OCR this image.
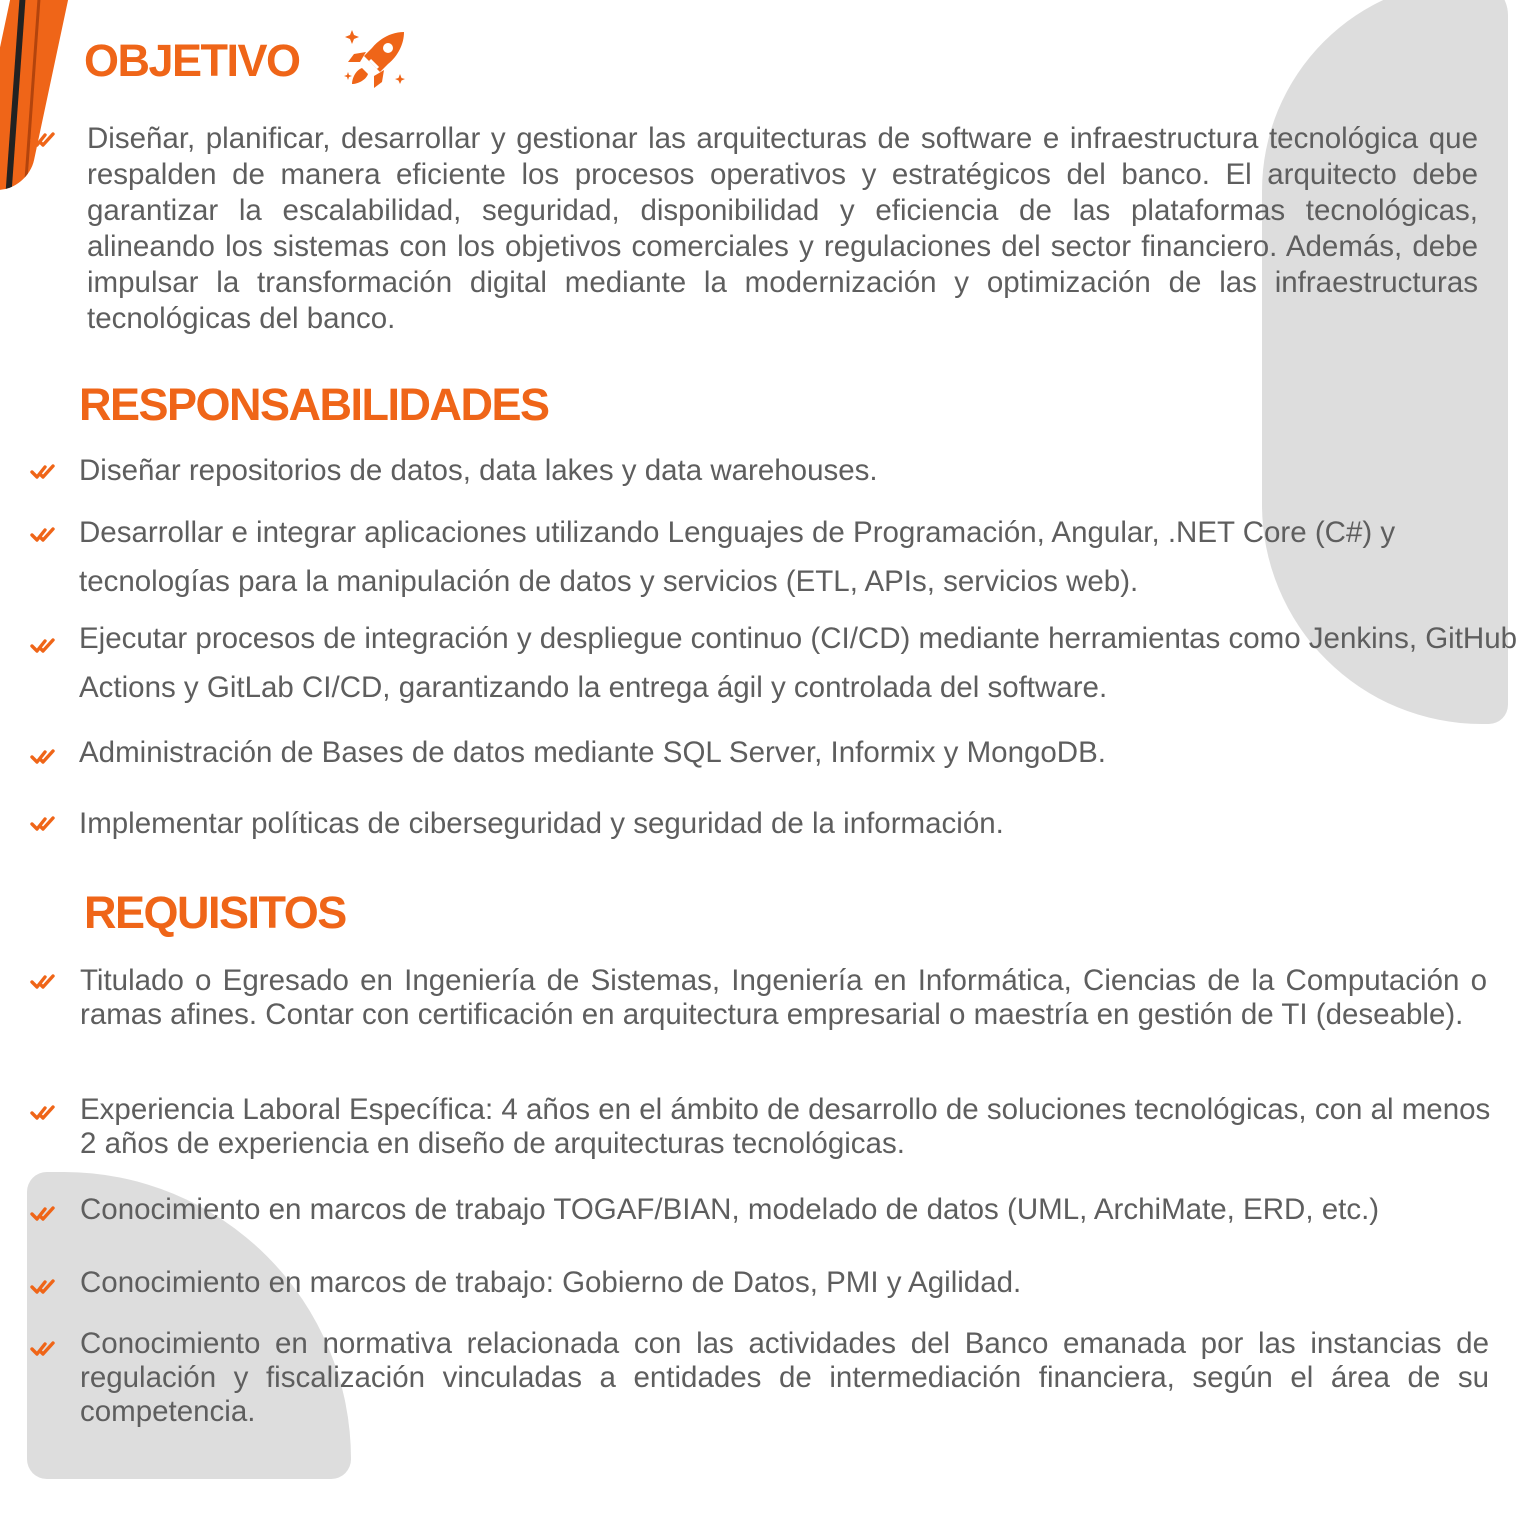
OBJETIVO

Diseñar, planificar, desarrollar y gestionar las arquitecturas de software e infraestructura tecnológica que respalden de manera eficiente los procesos operativos y estratégicos del banco. El arquitecto debe garantizar la escalabilidad, seguridad, disponibilidad y eficiencia de las plataformas tecnológicas, alineando los sistemas con los objetivos comerciales y regulaciones del sector financiero. Además, debe impulsar la transformación digital mediante la modernización y optimización de las infraestructuras tecnológicas del banco.

RESPONSABILIDADES

Diseñar repositorios de datos, data lakes y data warehouses.

Desarrollar e integrar aplicaciones utilizando Lenguajes de Programación, Angular, .NET Core (C#) y tecnologías para la manipulación de datos y servicios (ETL, APIs, servicios web).

Ejecutar procesos de integración y despliegue continuo (CI/CD) mediante herramientas como Jenkins, GitHub Actions y GitLab CI/CD, garantizando la entrega ágil y controlada del software.

Administración de Bases de datos mediante SQL Server, Informix y MongoDB.

Implementar políticas de ciberseguridad y seguridad de la información.

REQUISITOS

Titulado o Egresado en Ingeniería de Sistemas, Ingeniería en Informática, Ciencias de la Computación o ramas afines. Contar con certificación en arquitectura empresarial o maestría en gestión de TI (deseable).

Experiencia Laboral Específica: 4 años en el ámbito de desarrollo de soluciones tecnológicas, con al menos 2 años de experiencia en diseño de arquitecturas tecnológicas.

Conocimiento en marcos de trabajo TOGAF/BIAN, modelado de datos (UML, ArchiMate, ERD, etc.)

Conocimiento en marcos de trabajo: Gobierno de Datos, PMI y Agilidad.

Conocimiento en normativa relacionada con las actividades del Banco emanada por las instancias de regulación y fiscalización vinculadas a entidades de intermediación financiera, según el área de su competencia.
